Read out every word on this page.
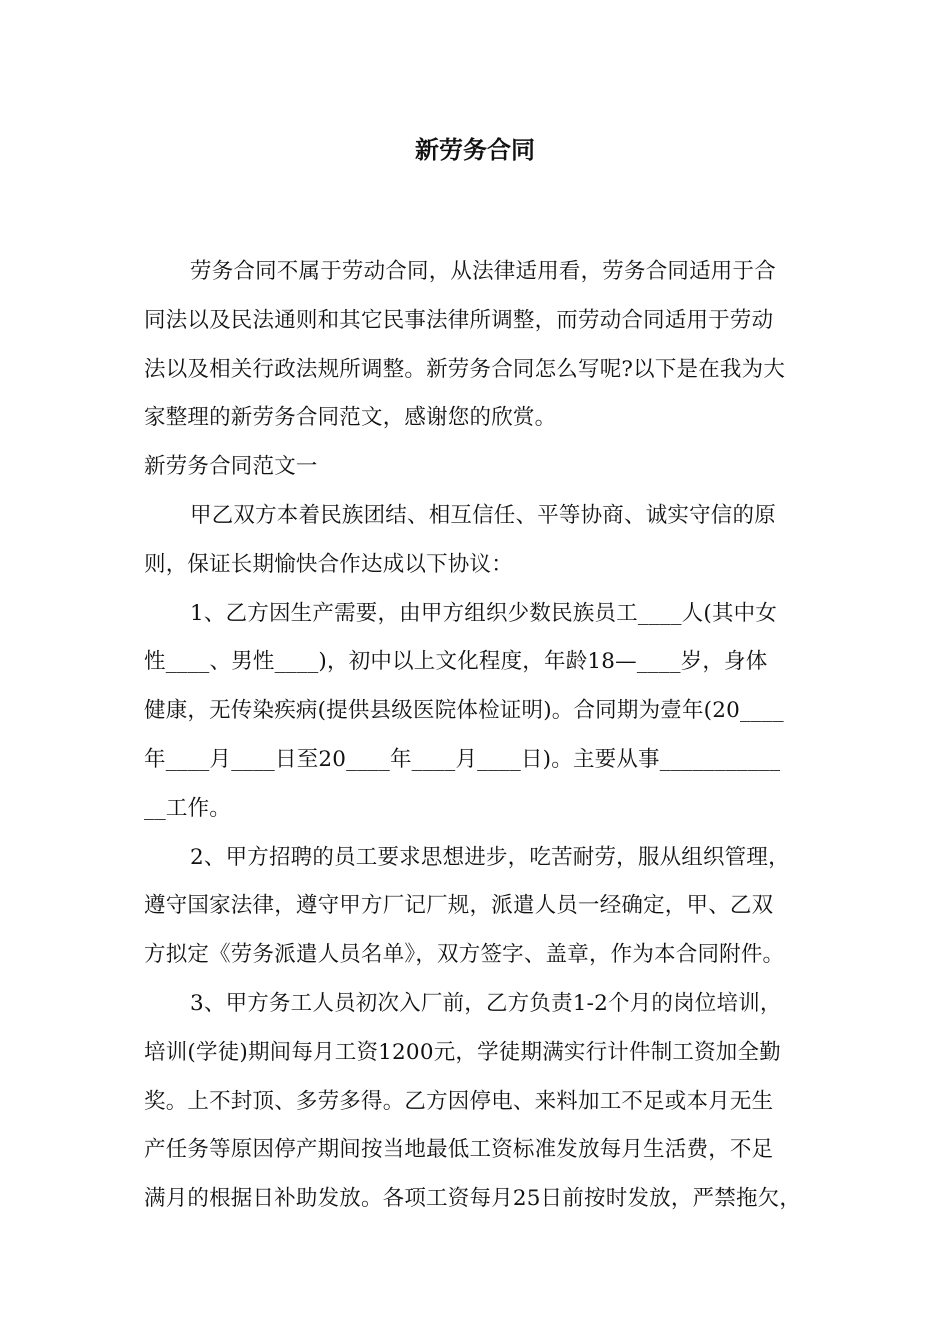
新劳务合同
劳务合同不属于劳动合同，从法律适用看，劳务合同适用于合
同法以及民法通则和其它民事法律所调整，而劳动合同适用于劳动
法以及相关行政法规所调整。新劳务合同怎么写呢?以下是在我为大
家整理的新劳务合同范文，感谢您的欣赏。
新劳务合同范文一
甲乙双方本着民族团结、相互信任、平等协商、诚实守信的原
则，保证长期愉快合作达成以下协议：
1、乙方因生产需要，由甲方组织少数民族员工____人(其中女
性____、男性____)，初中以上文化程度，年龄18—____岁，身体
健康，无传染疾病(提供县级医院体检证明)。合同期为壹年(20____
年____月____日至20____年____月____日)。主要从事___________
__工作。
2、甲方招聘的员工要求思想进步，吃苦耐劳，服从组织管理，
遵守国家法律，遵守甲方厂记厂规，派遣人员一经确定，甲、乙双
方拟定《劳务派遣人员名单》，双方签字、盖章，作为本合同附件。
3、甲方务工人员初次入厂前，乙方负责1-2个月的岗位培训，
培训(学徒)期间每月工资1200元，学徒期满实行计件制工资加全勤
奖。上不封顶、多劳多得。乙方因停电、来料加工不足或本月无生
产任务等原因停产期间按当地最低工资标准发放每月生活费，不足
满月的根据日补助发放。各项工资每月25日前按时发放，严禁拖欠，
